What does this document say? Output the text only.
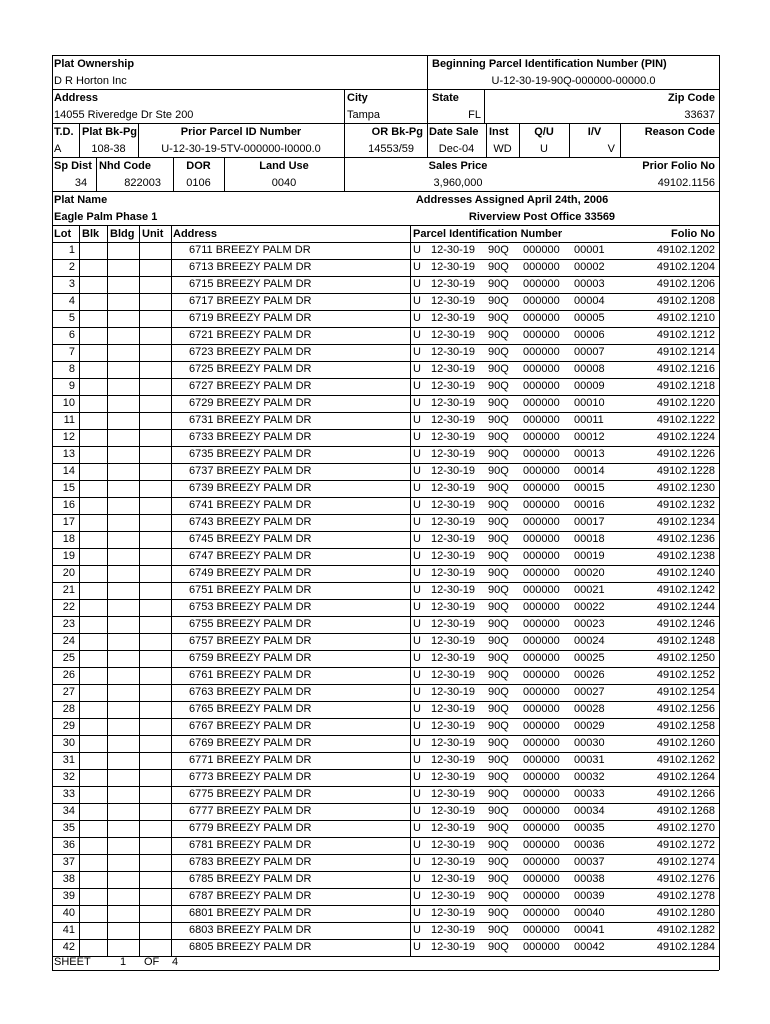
Plat Ownership
D R Horton Inc
Beginning Parcel Identification Number (PIN)
U-12-30-19-90Q-000000-00000.0
Address
14055 Riveredge Dr Ste 200
City
Tampa
State
FL
Zip Code
33637
T.D.
A
Plat Bk-Pg
108-38
Prior Parcel ID Number
U-12-30-19-5TV-000000-I0000.0
OR Bk-Pg
14553/59
Date Sale
Dec-04
Inst
WD
Q/U
U
I/V
V
Reason Code
Sp Dist
34
Nhd Code
822003
DOR
0106
Land Use
0040
Sales Price
3,960,000
Prior Folio No
49102.1156
Plat Name
Eagle Palm Phase 1
Addresses Assigned April 24th, 2006
Riverview Post Office 33569
Lot Blk Bldg Unit Address	Parcel Identification Number	Folio No
1	6711 BREEZY PALM DR	U 12-30-19 90Q 000000 00001	49102.1202
2	6713 BREEZY PALM DR	U 12-30-19 90Q 000000 00002	49102.1204
3	6715 BREEZY PALM DR	U 12-30-19 90Q 000000 00003	49102.1206
4	6717 BREEZY PALM DR	U 12-30-19 90Q 000000 00004	49102.1208
5	6719 BREEZY PALM DR	U 12-30-19 90Q 000000 00005	49102.1210
6	6721 BREEZY PALM DR	U 12-30-19 90Q 000000 00006	49102.1212
7	6723 BREEZY PALM DR	U 12-30-19 90Q 000000 00007	49102.1214
8	6725 BREEZY PALM DR	U 12-30-19 90Q 000000 00008	49102.1216
9	6727 BREEZY PALM DR	U 12-30-19 90Q 000000 00009	49102.1218
10	6729 BREEZY PALM DR	U 12-30-19 90Q 000000 00010	49102.1220
11	6731 BREEZY PALM DR	U 12-30-19 90Q 000000 00011	49102.1222
12	6733 BREEZY PALM DR	U 12-30-19 90Q 000000 00012	49102.1224
13	6735 BREEZY PALM DR	U 12-30-19 90Q 000000 00013	49102.1226
14	6737 BREEZY PALM DR	U 12-30-19 90Q 000000 00014	49102.1228
15	6739 BREEZY PALM DR	U 12-30-19 90Q 000000 00015	49102.1230
16	6741 BREEZY PALM DR	U 12-30-19 90Q 000000 00016	49102.1232
17	6743 BREEZY PALM DR	U 12-30-19 90Q 000000 00017	49102.1234
18	6745 BREEZY PALM DR	U 12-30-19 90Q 000000 00018	49102.1236
19	6747 BREEZY PALM DR	U 12-30-19 90Q 000000 00019	49102.1238
20	6749 BREEZY PALM DR	U 12-30-19 90Q 000000 00020	49102.1240
21	6751 BREEZY PALM DR	U 12-30-19 90Q 000000 00021	49102.1242
22	6753 BREEZY PALM DR	U 12-30-19 90Q 000000 00022	49102.1244
23	6755 BREEZY PALM DR	U 12-30-19 90Q 000000 00023	49102.1246
24	6757 BREEZY PALM DR	U 12-30-19 90Q 000000 00024	49102.1248
25	6759 BREEZY PALM DR	U 12-30-19 90Q 000000 00025	49102.1250
26	6761 BREEZY PALM DR	U 12-30-19 90Q 000000 00026	49102.1252
27	6763 BREEZY PALM DR	U 12-30-19 90Q 000000 00027	49102.1254
28	6765 BREEZY PALM DR	U 12-30-19 90Q 000000 00028	49102.1256
29	6767 BREEZY PALM DR	U 12-30-19 90Q 000000 00029	49102.1258
30	6769 BREEZY PALM DR	U 12-30-19 90Q 000000 00030	49102.1260
31	6771 BREEZY PALM DR	U 12-30-19 90Q 000000 00031	49102.1262
32	6773 BREEZY PALM DR	U 12-30-19 90Q 000000 00032	49102.1264
33	6775 BREEZY PALM DR	U 12-30-19 90Q 000000 00033	49102.1266
34	6777 BREEZY PALM DR	U 12-30-19 90Q 000000 00034	49102.1268
35	6779 BREEZY PALM DR	U 12-30-19 90Q 000000 00035	49102.1270
36	6781 BREEZY PALM DR	U 12-30-19 90Q 000000 00036	49102.1272
37	6783 BREEZY PALM DR	U 12-30-19 90Q 000000 00037	49102.1274
38	6785 BREEZY PALM DR	U 12-30-19 90Q 000000 00038	49102.1276
39	6787 BREEZY PALM DR	U 12-30-19 90Q 000000 00039	49102.1278
40	6801 BREEZY PALM DR	U 12-30-19 90Q 000000 00040	49102.1280
41	6803 BREEZY PALM DR	U 12-30-19 90Q 000000 00041	49102.1282
42	6805 BREEZY PALM DR	U 12-30-19 90Q 000000 00042	49102.1284
SHEET	1 OF 4
